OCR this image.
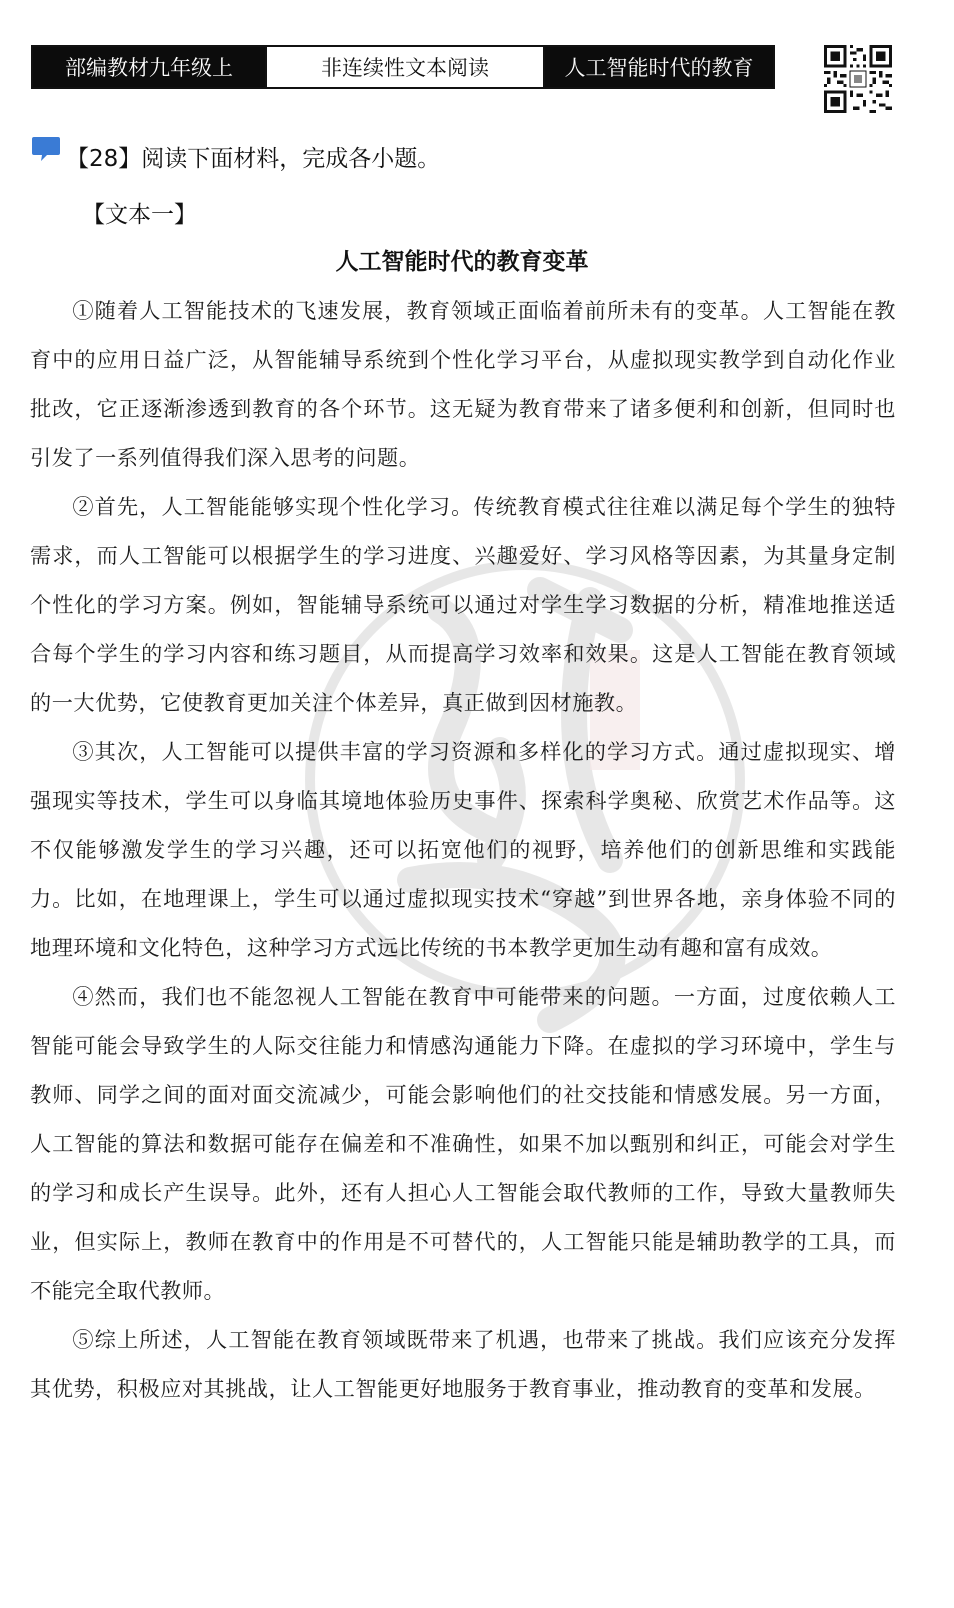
部编教材九年级上	非连续性文本阅读	人工智能时代的教育
【28】阅读下面材料，完成各小题。
【文本一】
人工智能时代的教育变革

①随着人工智能技术的飞速发展，教育领域正面临着前所未有的变革。人工智能在教育中的应用日益广泛，从智能辅导系统到个性化学习平台，从虚拟现实教学到自动化作业批改，它正逐渐渗透到教育的各个环节。这无疑为教育带来了诸多便利和创新，但同时也引发了一系列值得我们深入思考的问题。

②首先，人工智能能够实现个性化学习。传统教育模式往往难以满足每个学生的独特需求，而人工智能可以根据学生的学习进度、兴趣爱好、学习风格等因素，为其量身定制个性化的学习方案。例如，智能辅导系统可以通过对学生学习数据的分析，精准地推送适合每个学生的学习内容和练习题目，从而提高学习效率和效果。这是人工智能在教育领域的一大优势，它使教育更加关注个体差异，真正做到因材施教。

③其次，人工智能可以提供丰富的学习资源和多样化的学习方式。通过虚拟现实、增强现实等技术，学生可以身临其境地体验历史事件、探索科学奥秘、欣赏艺术作品等。这不仅能够激发学生的学习兴趣，还可以拓宽他们的视野，培养他们的创新思维和实践能力。比如，在地理课上，学生可以通过虚拟现实技术“穿越”到世界各地，亲身体验不同的地理环境和文化特色，这种学习方式远比传统的书本教学更加生动有趣和富有成效。

④然而，我们也不能忽视人工智能在教育中可能带来的问题。一方面，过度依赖人工智能可能会导致学生的人际交往能力和情感沟通能力下降。在虚拟的学习环境中，学生与教师、同学之间的面对面交流减少，可能会影响他们的社交技能和情感发展。另一方面，人工智能的算法和数据可能存在偏差和不准确性，如果不加以甄别和纠正，可能会对学生的学习和成长产生误导。此外，还有人担心人工智能会取代教师的工作，导致大量教师失业，但实际上，教师在教育中的作用是不可替代的，人工智能只能是辅助教学的工具，而不能完全取代教师。

⑤综上所述，人工智能在教育领域既带来了机遇，也带来了挑战。我们应该充分发挥其优势，积极应对其挑战，让人工智能更好地服务于教育事业，推动教育的变革和发展。
